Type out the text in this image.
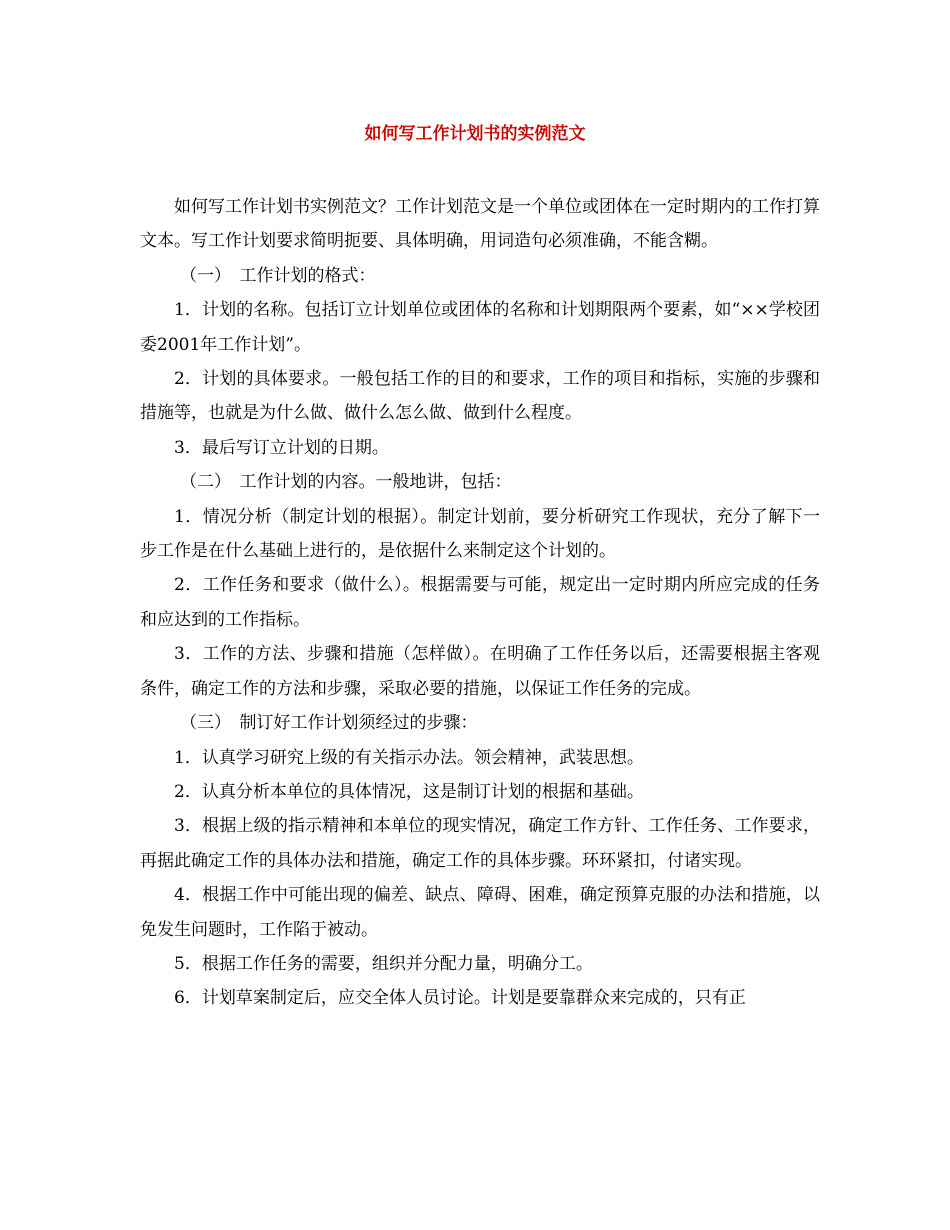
如何写工作计划书的实例范文

如何写工作计划书实例范文？工作计划范文是一个单位或团体在一定时期内的工作打算文本。写工作计划要求简明扼要、具体明确，用词造句必须准确，不能含糊。

（一）　工作计划的格式：

1．计划的名称。包括订立计划单位或团体的名称和计划期限两个要素，如“××学校团委2001年工作计划”。

2．计划的具体要求。一般包括工作的目的和要求，工作的项目和指标，实施的步骤和措施等，也就是为什么做、做什么怎么做、做到什么程度。

3．最后写订立计划的日期。

（二）　工作计划的内容。一般地讲，包括：

1．情况分析（制定计划的根据）。制定计划前，要分析研究工作现状，充分了解下一步工作是在什么基础上进行的，是依据什么来制定这个计划的。

2．工作任务和要求（做什么）。根据需要与可能，规定出一定时期内所应完成的任务和应达到的工作指标。

3．工作的方法、步骤和措施（怎样做）。在明确了工作任务以后，还需要根据主客观条件，确定工作的方法和步骤，采取必要的措施，以保证工作任务的完成。

（三）　制订好工作计划须经过的步骤：

1．认真学习研究上级的有关指示办法。领会精神，武装思想。

2．认真分析本单位的具体情况，这是制订计划的根据和基础。

3．根据上级的指示精神和本单位的现实情况，确定工作方针、工作任务、工作要求，再据此确定工作的具体办法和措施，确定工作的具体步骤。环环紧扣，付诸实现。

4．根据工作中可能出现的偏差、缺点、障碍、困难，确定预算克服的办法和措施，以免发生问题时，工作陷于被动。

5．根据工作任务的需要，组织并分配力量，明确分工。

6．计划草案制定后，应交全体人员讨论。计划是要靠群众来完成的，只有正
